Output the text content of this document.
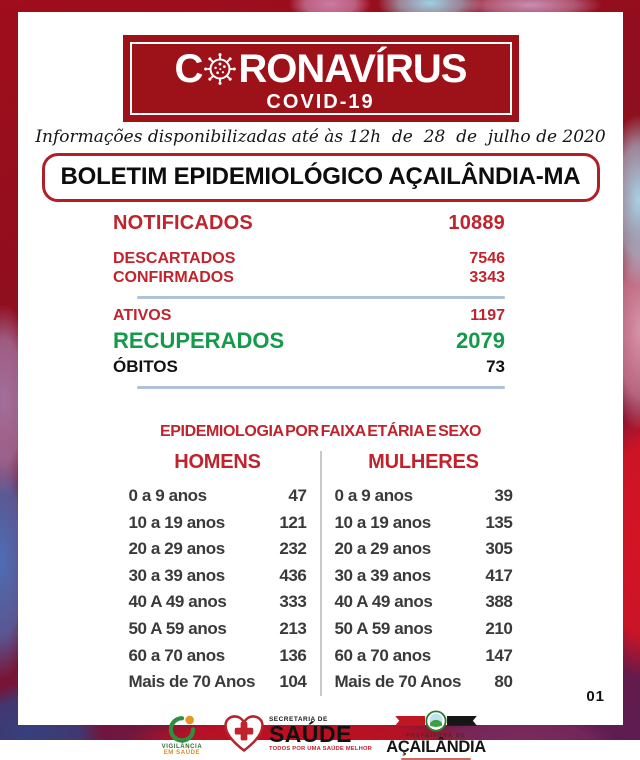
C RONAVÍRUS
COVID-19
Informações disponibilizadas até às 12h  de  28  de  julho de 2020
BOLETIM EPIDEMIOLÓGICO AÇAILÂNDIA-MA
NOTIFICADOS	10889
DESCARTADOS	7546
CONFIRMADOS	3343
ATIVOS	1197
RECUPERADOS	2079
ÓBITOS	73
EPIDEMIOLOGIA POR FAIXA ETÁRIA E SEXO
HOMENS
0 a 9 anos	47
10 a 19 anos	121
20 a 29 anos	232
30 a 39 anos	436
40 A 49 anos	333
50 A 59 anos	213
60 a 70 anos	136
Mais de 70 Anos 104
MULHERES
0 a 9 anos	39
10 a 19 anos	135
20 a 29 anos	305
30 a 39 anos	417
40 A 49 anos	388
50 A 59 anos	210
60 a 70 anos	147
Mais de 70 Anos 80
VIGILÂNCIA
EM SAÚDE
SECRETARIA DE
SAÚDE
TODOS POR UMA SAÚDE MELHOR
PREFEITURA DE
AÇAILÂNDIA
01
